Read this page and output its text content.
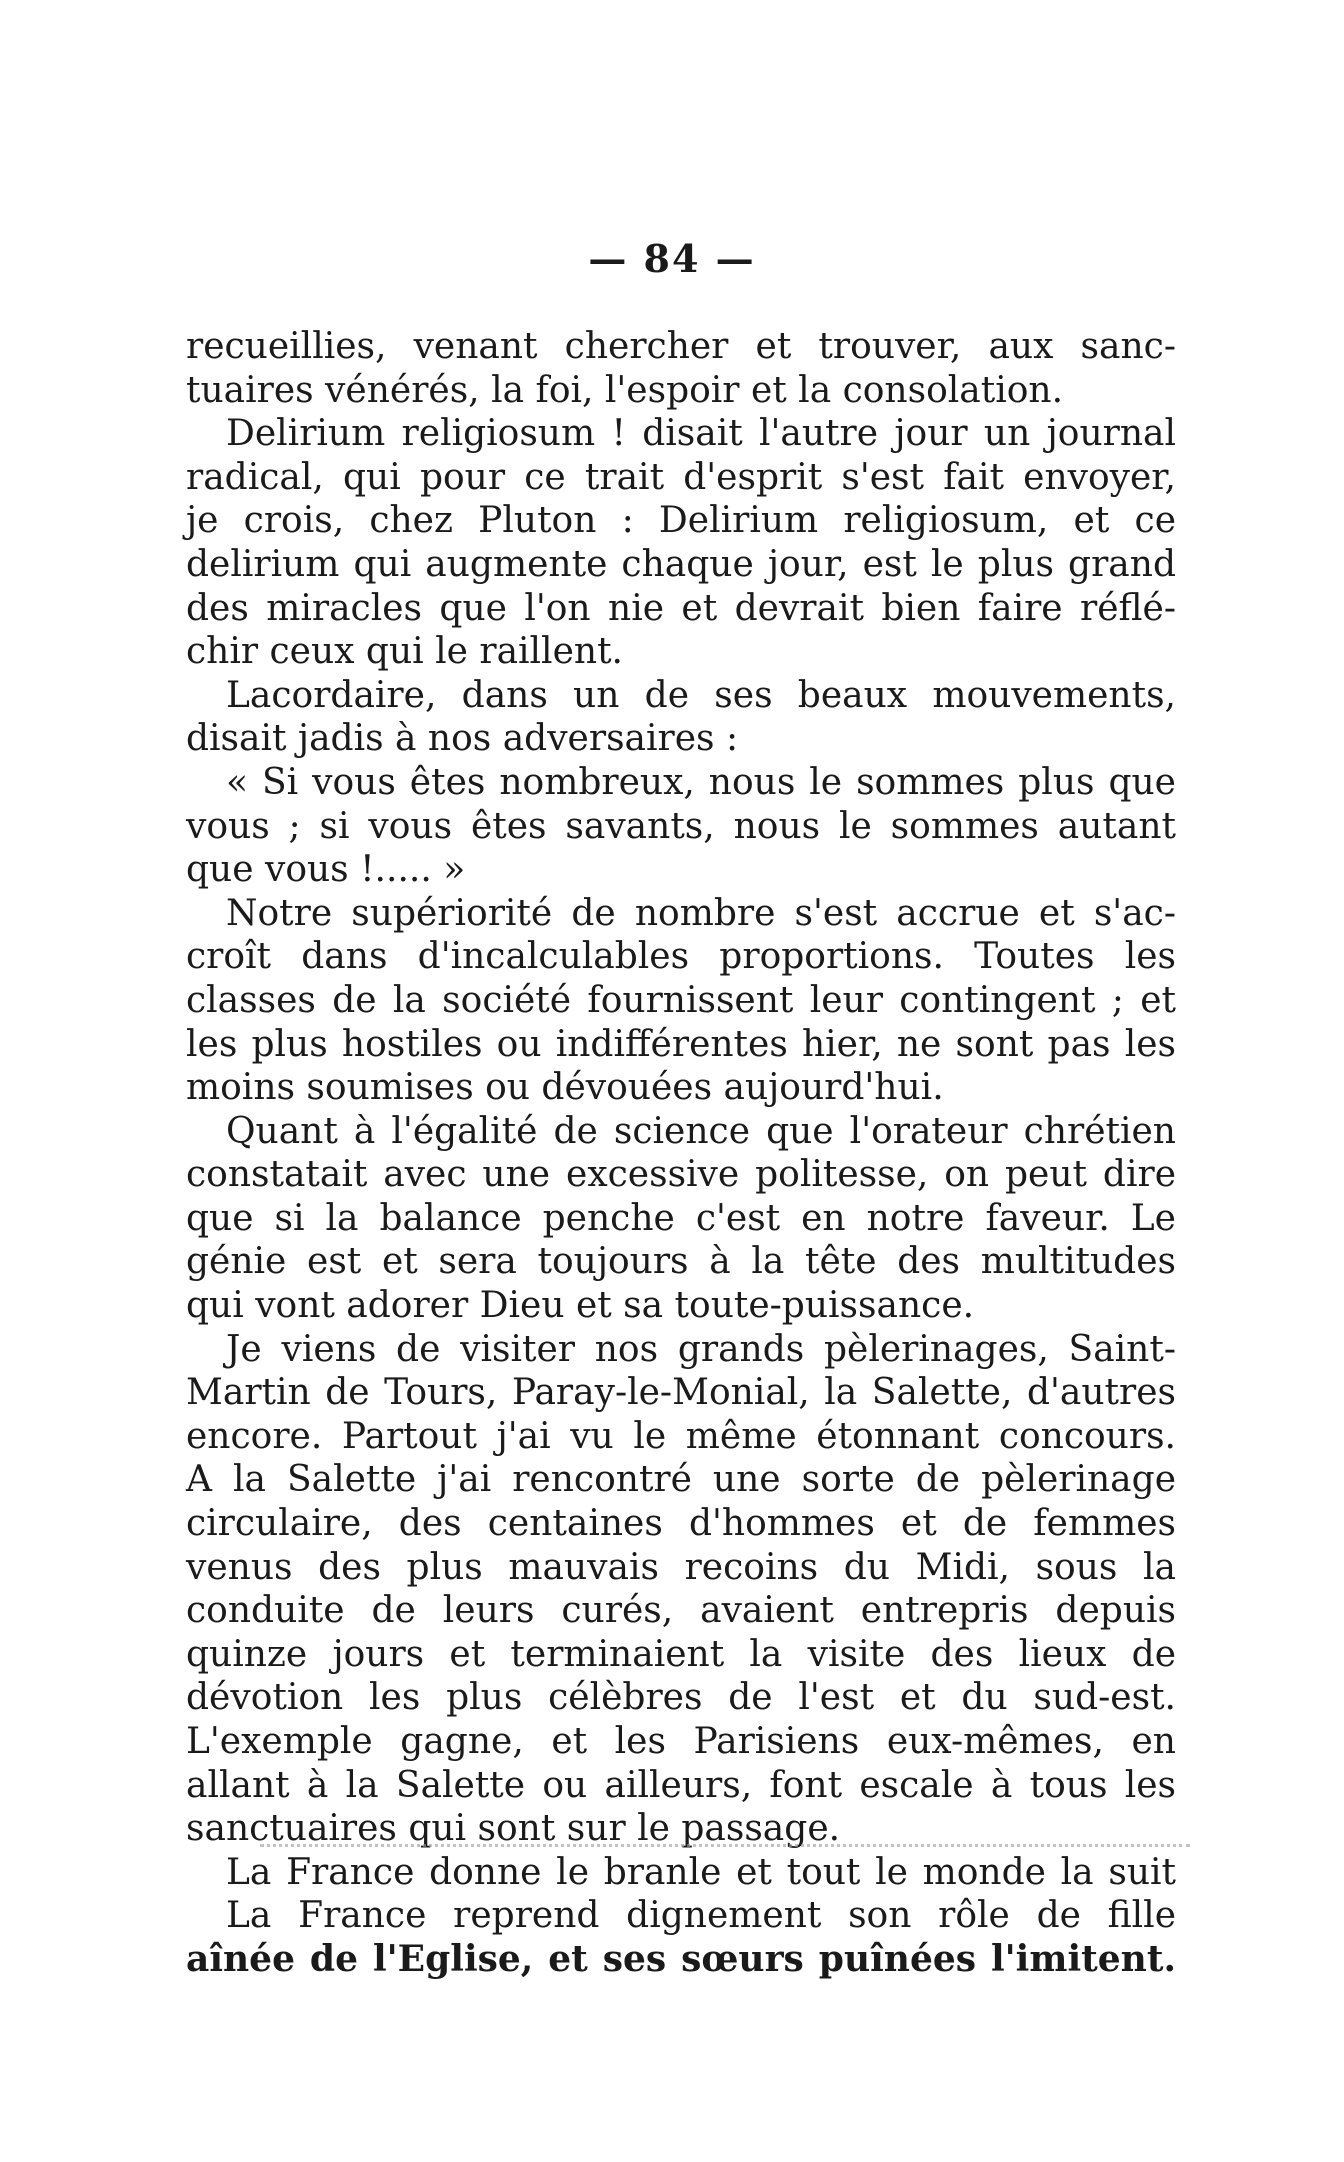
— 84 —
recueillies, venant chercher et trouver, aux sanc-
tuaires vénérés, la foi, l'espoir et la consolation.
Delirium religiosum ! disait l'autre jour un journal
radical, qui pour ce trait d'esprit s'est fait envoyer,
je crois, chez Pluton : Delirium religiosum, et ce
delirium qui augmente chaque jour, est le plus grand
des miracles que l'on nie et devrait bien faire réflé-
chir ceux qui le raillent.
Lacordaire, dans un de ses beaux mouvements,
disait jadis à nos adversaires :
« Si vous êtes nombreux, nous le sommes plus que
vous ; si vous êtes savants, nous le sommes autant
que vous !..... »
Notre supériorité de nombre s'est accrue et s'ac-
croît dans d'incalculables proportions. Toutes les
classes de la société fournissent leur contingent ; et
les plus hostiles ou indifférentes hier, ne sont pas les
moins soumises ou dévouées aujourd'hui.
Quant à l'égalité de science que l'orateur chrétien
constatait avec une excessive politesse, on peut dire
que si la balance penche c'est en notre faveur. Le
génie est et sera toujours à la tête des multitudes
qui vont adorer Dieu et sa toute-puissance.
Je viens de visiter nos grands pèlerinages, Saint-
Martin de Tours, Paray-le-Monial, la Salette, d'autres
encore. Partout j'ai vu le même étonnant concours.
A la Salette j'ai rencontré une sorte de pèlerinage
circulaire, des centaines d'hommes et de femmes
venus des plus mauvais recoins du Midi, sous la
conduite de leurs curés, avaient entrepris depuis
quinze jours et terminaient la visite des lieux de
dévotion les plus célèbres de l'est et du sud-est.
L'exemple gagne, et les Parisiens eux-mêmes, en
allant à la Salette ou ailleurs, font escale à tous les
sanctuaires qui sont sur le passage.
La France donne le branle et tout le monde la suit
La France reprend dignement son rôle de fille
aînée de l'Eglise, et ses sœurs puînées l'imitent.
